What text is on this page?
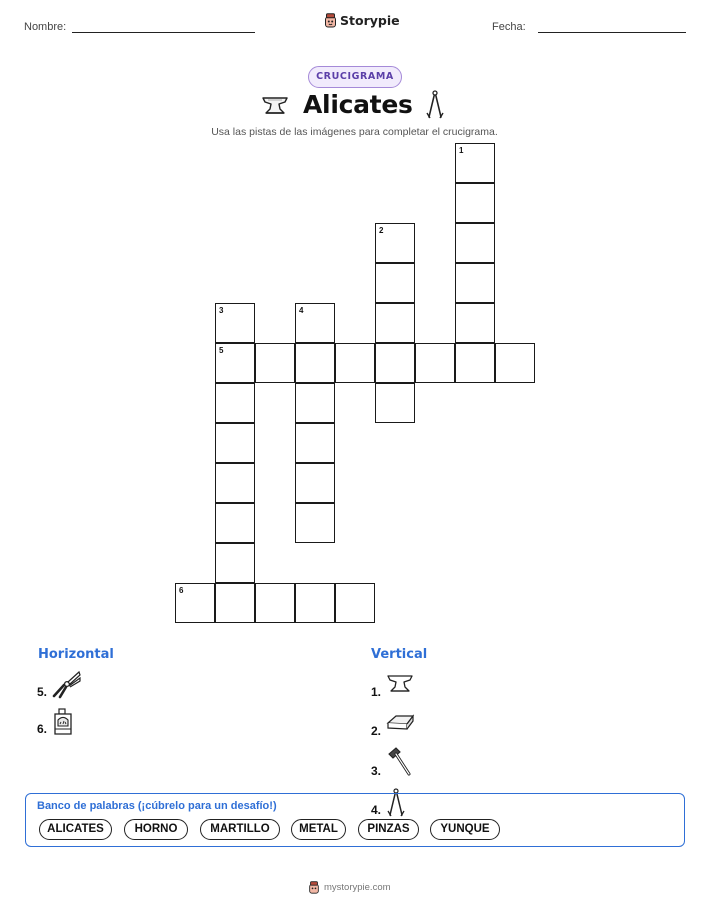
Nombre:	Storypie	Fecha:
CRUCIGRAMA
Alicates
Usa las pistas de las imágenes para completar el crucigrama.
1
2
3	4
5
6
Horizontal	Vertical
5.
6.
1.
2.
3.
4.
Banco de palabras (¡cúbrelo para un desafío!)
ALICATES	HORNO	MARTILLO	METAL	PINZAS	YUNQUE
mystorypie.com
